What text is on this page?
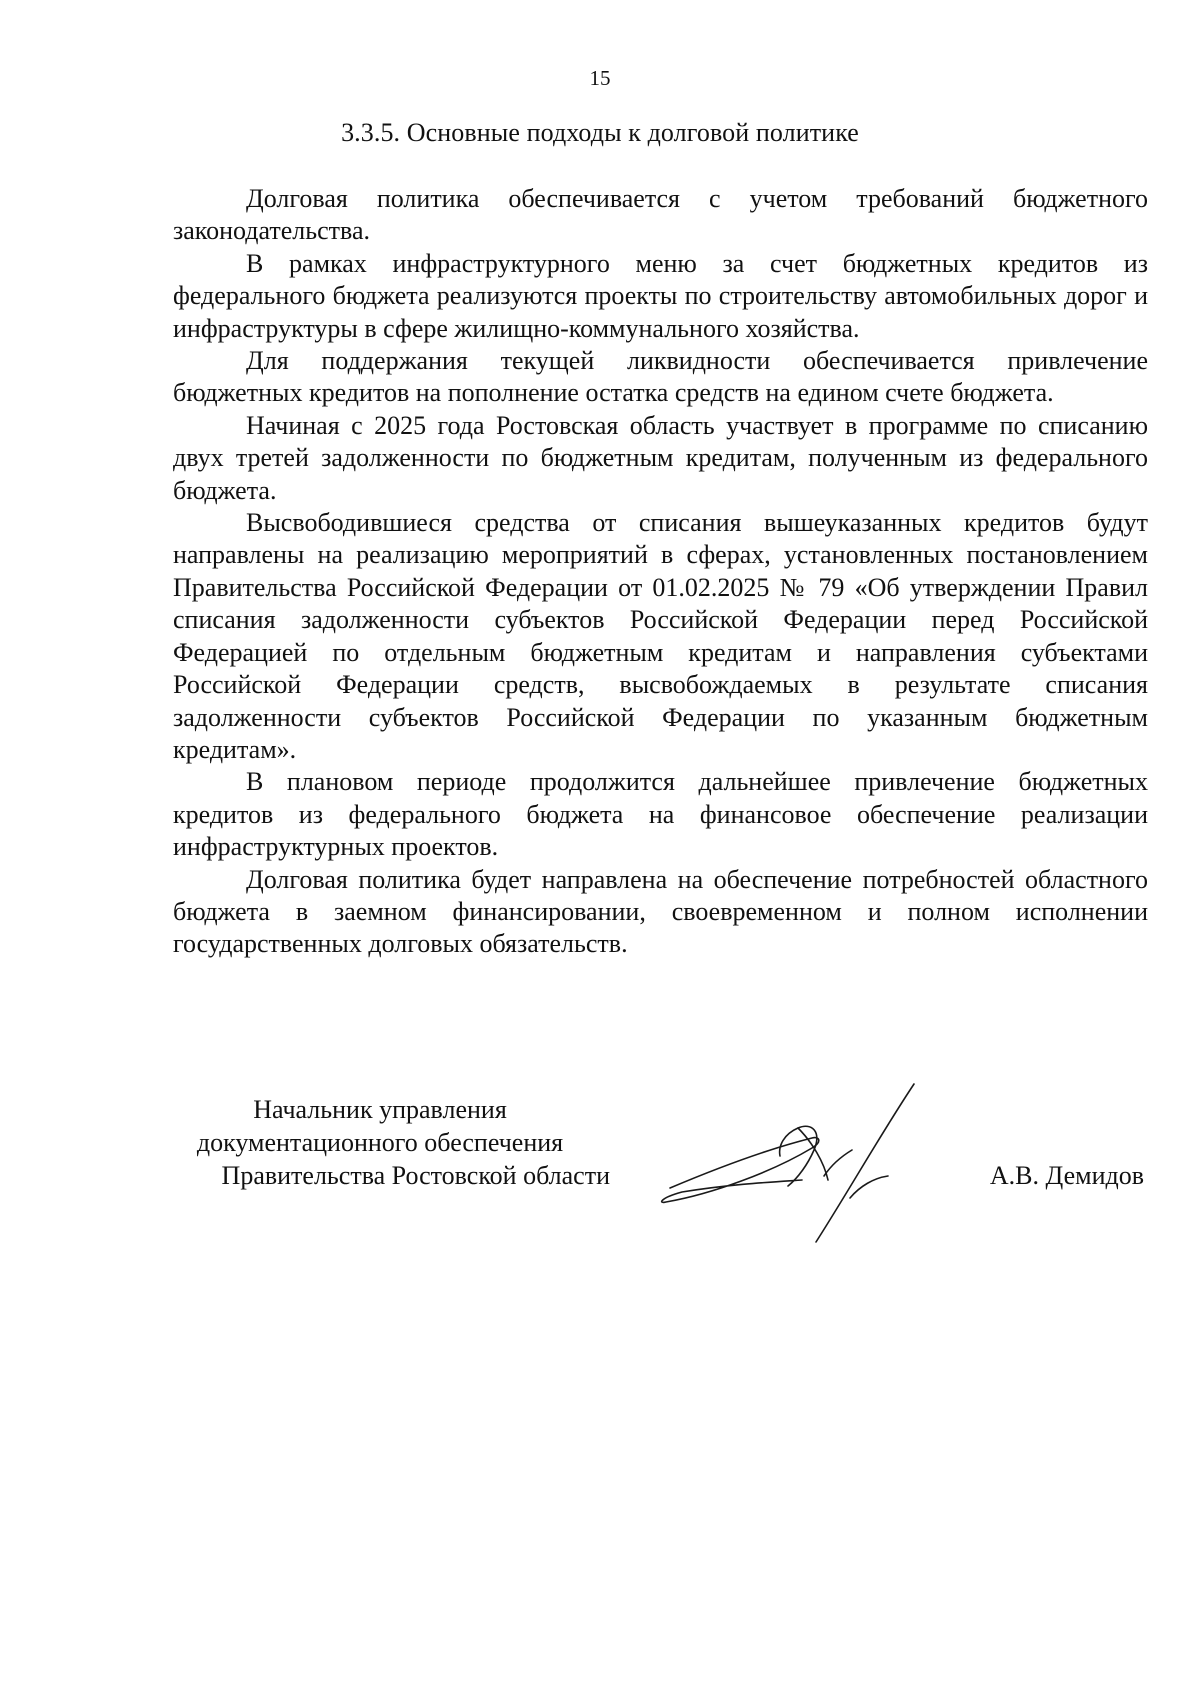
15
3.3.5. Основные подходы к долговой политике

Долговая политика обеспечивается с учетом требований бюджетного законодательства.

В рамках инфраструктурного меню за счет бюджетных кредитов из федерального бюджета реализуются проекты по строительству автомобильных дорог и инфраструктуры в сфере жилищно-коммунального хозяйства.

Для поддержания текущей ликвидности обеспечивается привлечение бюджетных кредитов на пополнение остатка средств на едином счете бюджета.

Начиная с 2025 года Ростовская область участвует в программе по списанию двух третей задолженности по бюджетным кредитам, полученным из федерального бюджета.

Высвободившиеся средства от списания вышеуказанных кредитов будут направлены на реализацию мероприятий в сферах, установленных постановлением Правительства Российской Федерации от 01.02.2025 № 79 «Об утверждении Правил списания задолженности субъектов Российской Федерации перед Российской Федерацией по отдельным бюджетным кредитам и направления субъектами Российской Федерации средств, высвобождаемых в результате списания задолженности субъектов Российской Федерации по указанным бюджетным кредитам».

В плановом периоде продолжится дальнейшее привлечение бюджетных кредитов из федерального бюджета на финансовое обеспечение реализации инфраструктурных проектов.

Долговая политика будет направлена на обеспечение потребностей областного бюджета в заемном финансировании, своевременном и полном исполнении государственных долговых обязательств.

Начальник управления
документационного обеспечения
Правительства Ростовской области	А.В. Демидов
